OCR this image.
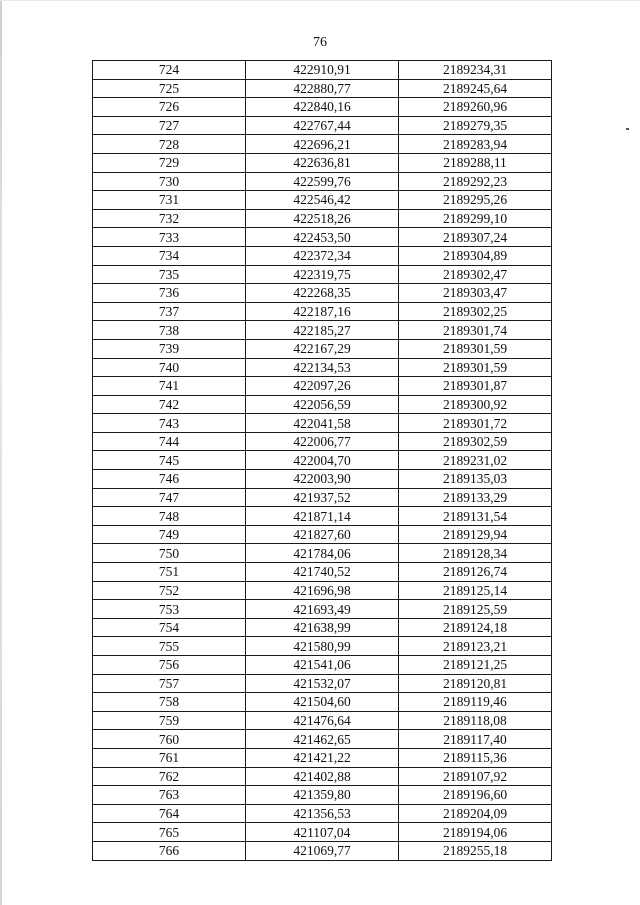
76
724	422910,91	2189234,31
725	422880,77	2189245,64
726	422840,16	2189260,96
727	422767,44	2189279,35
728	422696,21	2189283,94
729	422636,81	2189288,11
730	422599,76	2189292,23
731	422546,42	2189295,26
732	422518,26	2189299,10
733	422453,50	2189307,24
734	422372,34	2189304,89
735	422319,75	2189302,47
736	422268,35	2189303,47
737	422187,16	2189302,25
738	422185,27	2189301,74
739	422167,29	2189301,59
740	422134,53	2189301,59
741	422097,26	2189301,87
742	422056,59	2189300,92
743	422041,58	2189301,72
744	422006,77	2189302,59
745	422004,70	2189231,02
746	422003,90	2189135,03
747	421937,52	2189133,29
748	421871,14	2189131,54
749	421827,60	2189129,94
750	421784,06	2189128,34
751	421740,52	2189126,74
752	421696,98	2189125,14
753	421693,49	2189125,59
754	421638,99	2189124,18
755	421580,99	2189123,21
756	421541,06	2189121,25
757	421532,07	2189120,81
758	421504,60	2189119,46
759	421476,64	2189118,08
760	421462,65	2189117,40
761	421421,22	2189115,36
762	421402,88	2189107,92
763	421359,80	2189196,60
764	421356,53	2189204,09
765	421107,04	2189194,06
766	421069,77	2189255,18
